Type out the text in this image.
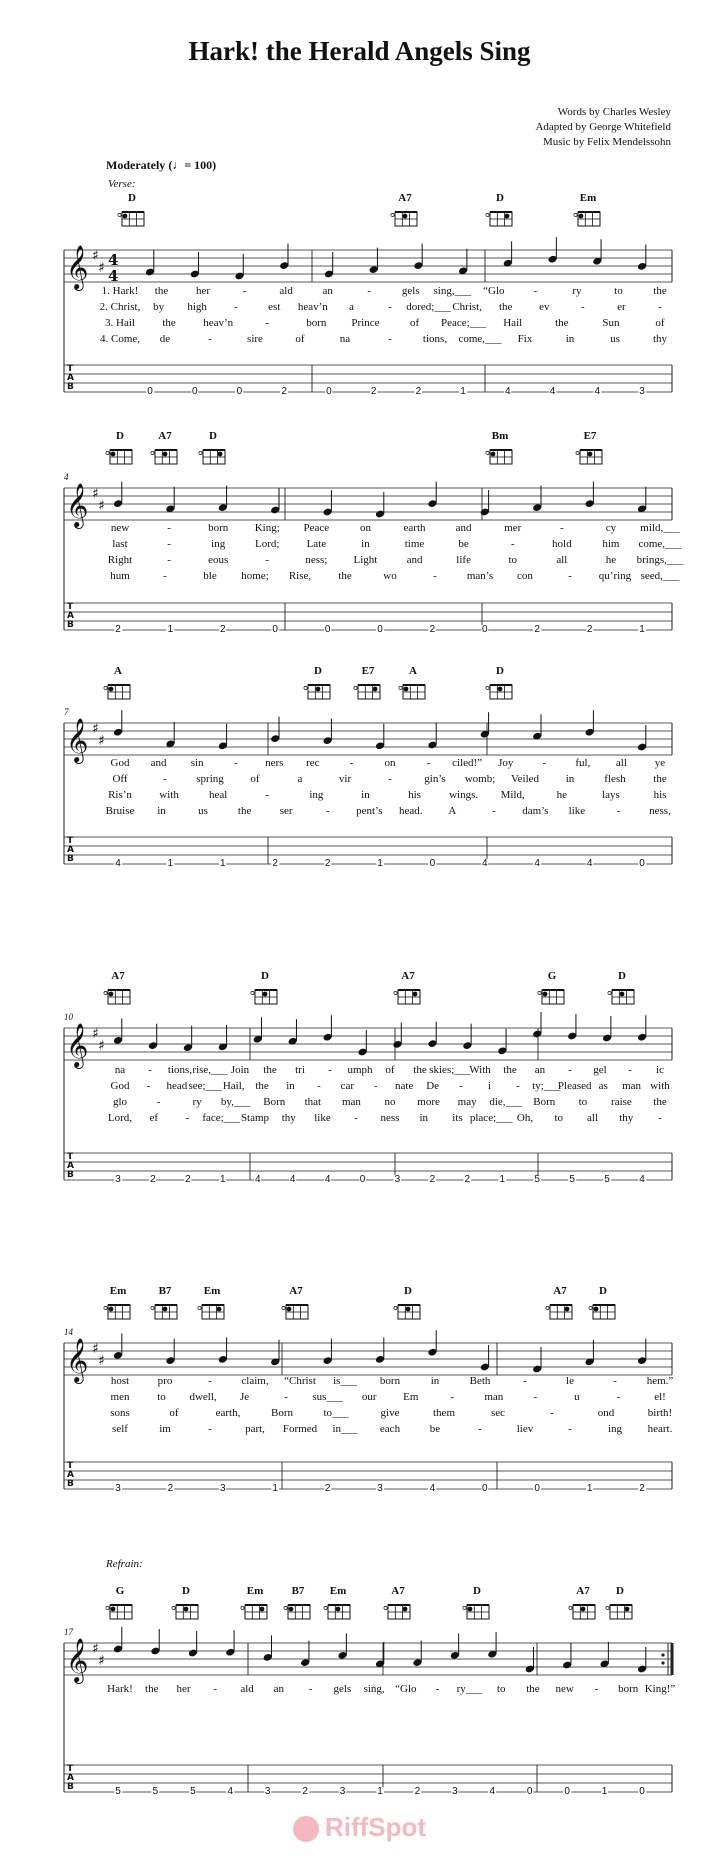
Hark! the Herald Angels Sing
Words by Charles Wesley
Adapted by George Whitefield
Music by Felix Mendelssohn
Moderately (♩= 100)
Verse:
Refrain:
D	A7	D	Em
𝄞 ♯
♯ 4
4
T
A
B	0	0	0	2	0	2	2	1	4	4	4	3
1. Hark! the	her	-	ald	an	-	gels sing,___ “Glo	-	ry	to	the
2. Christ, by high -	est heav’n a	- dored;___ Christ, the ev	-	er	-
3. Hail the heav’n	-	born Prince	of Peace;___ Hail	the	Sun	of
4. Come, de	-	sire	of	na	-	tions, come,___ Fix	in	us	thy
4
D	A7	D	Bm	E7
𝄞 ♯
♯
T
A
B	2	1	2	0	0	0	2	0	2	2	1
new	-	born King; Peace	on	earth	and	mer	-	cy mild,___
last	-	ing	Lord; Late	in	time	be	-	hold	him come,___
Right	-	eous	-	ness; Light	and	life	to	all	he brings,___
hum	-	ble home; Rise, the	wo	-	man’s con	- qu’ring seed,___
7
A	D	E7	A	D
𝄞 ♯
♯
T
A
B	4	1	1	2	2	1	0	4	4	4	0
God and sin	-	ners rec	-	on	- ciled!” Joy	-	ful, all	ye
Off	-	spring of	a	vir	-	gin’s womb; Veiled in	flesh	the
Ris’n with	heal	-	ing	in	his	wings. Mild,	he	lays	his
Bruise in	us	the	ser	- pent’s head. A	- dam’s like	-	ness,
10
A7	D	A7	G	D
𝄞 ♯
♯
T
A
B	3	2	2	1	4	4	4	0	3	2	2	1	5	5	5	4
na - tions, rise,___ Join the tri - umph of the skies;___
With the an - gel - ic
God - head see;___ Hail, the in - car - nate De - i - ty;___
Pleased as man with
glo	-	ry by,___ Born that man no more may die,___ Born to raise the
Lord, ef	- face;___ Stamp thy like - ness in its place;___ Oh, to all thy -
14
Em	B7	Em	A7	D	A7	D
𝄞 ♯
♯
T
A
B	3	2	3	1	2	3	4	0	0	1	2
host	pro	-	claim, “Christ is___ born	in	Beth	-	le	-	hem.”
men	to dwell, Je	- sus___ our Em	-	man	-	u	-	el!
sons	of	earth,	Born	to___	give	them	sec	-	ond	birth!
self	im	-	part, Formed in___ each	be	-	liev	-	ing heart.
17
G	D	Em	B7 Em	A7	D	A7 D
𝄞 ♯
♯
T
A
B	5	5	5	4	3	2	3	1	2	3	4	0	0	1	0
Hark! the her - ald an - gels sing, “Glo - ry___ to the new - born King!”
RiffSpot
